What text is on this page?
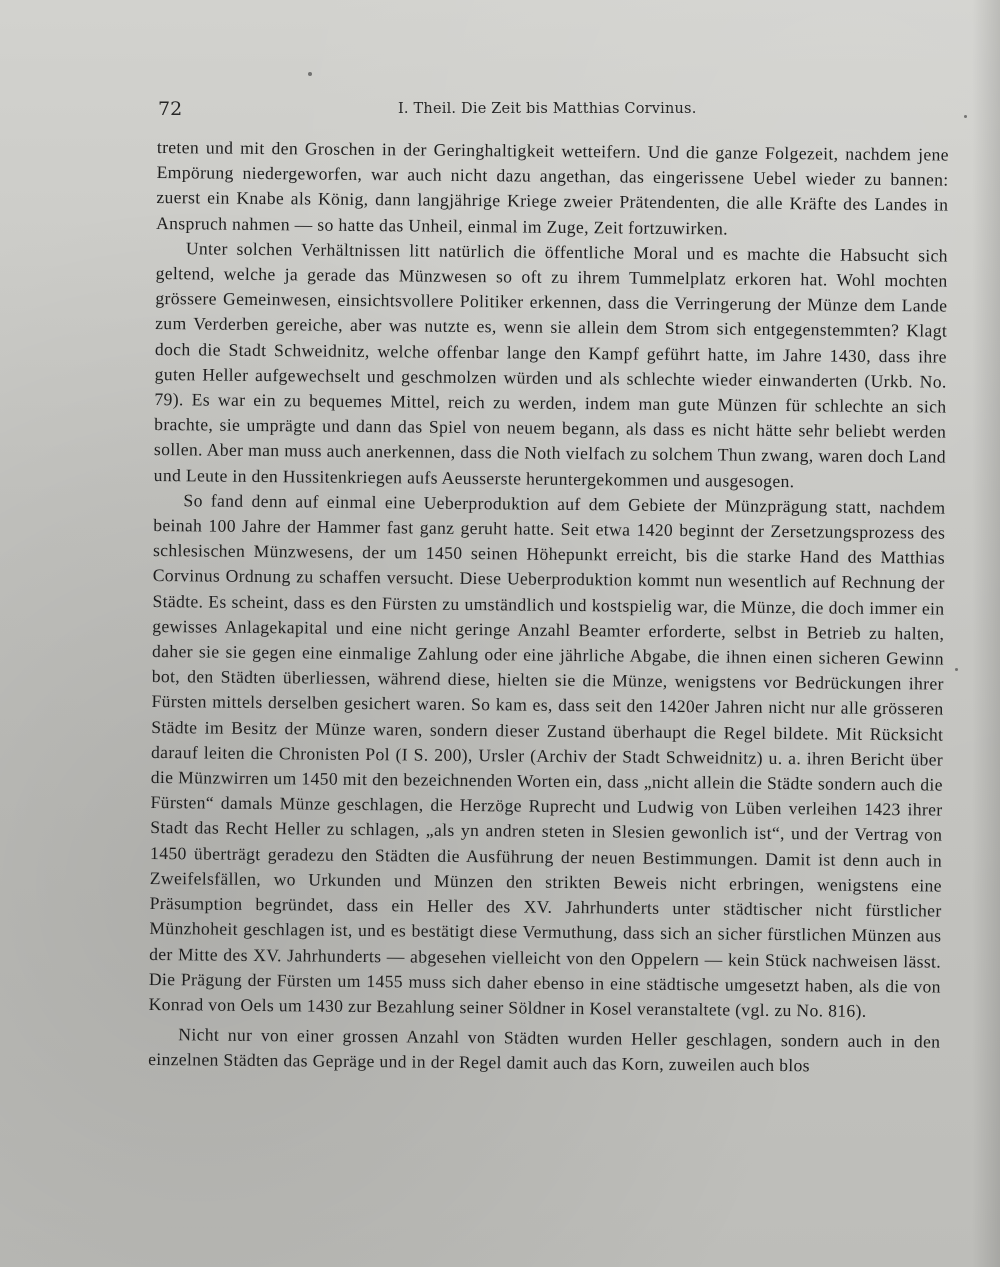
72	I. Theil. Die Zeit bis Matthias Corvinus.

treten und mit den Groschen in der Geringhaltigkeit wetteifern. Und die ganze Folgezeit, nachdem jene Empörung niedergeworfen, war auch nicht dazu angethan, das eingerissene Uebel wieder zu bannen: zuerst ein Knabe als König, dann langjährige Kriege zweier Prätendenten, die alle Kräfte des Landes in Anspruch nahmen — so hatte das Unheil, einmal im Zuge, Zeit fortzuwirken.

Unter solchen Verhältnissen litt natürlich die öffentliche Moral und es machte die Habsucht sich geltend, welche ja gerade das Münzwesen so oft zu ihrem Tummelplatz erkoren hat. Wohl mochten grössere Gemeinwesen, einsichtsvollere Politiker erkennen, dass die Verringerung der Münze dem Lande zum Verderben gereiche, aber was nutzte es, wenn sie allein dem Strom sich entgegenstemmten? Klagt doch die Stadt Schweidnitz, welche offenbar lange den Kampf geführt hatte, im Jahre 1430, dass ihre guten Heller aufgewechselt und geschmolzen würden und als schlechte wieder einwanderten (Urkb. No. 79). Es war ein zu bequemes Mittel, reich zu werden, indem man gute Münzen für schlechte an sich brachte, sie umprägte und dann das Spiel von neuem begann, als dass es nicht hätte sehr beliebt werden sollen. Aber man muss auch anerkennen, dass die Noth vielfach zu solchem Thun zwang, waren doch Land und Leute in den Hussitenkriegen aufs Aeusserste heruntergekommen und ausgesogen.

So fand denn auf einmal eine Ueberproduktion auf dem Gebiete der Münzprägung statt, nachdem beinah 100 Jahre der Hammer fast ganz geruht hatte. Seit etwa 1420 beginnt der Zersetzungsprozess des schlesischen Münzwesens, der um 1450 seinen Höhepunkt erreicht, bis die starke Hand des Matthias Corvinus Ordnung zu schaffen versucht. Diese Ueberproduktion kommt nun wesentlich auf Rechnung der Städte. Es scheint, dass es den Fürsten zu umständlich und kostspielig war, die Münze, die doch immer ein gewisses Anlagekapital und eine nicht geringe Anzahl Beamter erforderte, selbst in Betrieb zu halten, daher sie sie gegen eine einmalige Zahlung oder eine jährliche Abgabe, die ihnen einen sicheren Gewinn bot, den Städten überliessen, während diese, hielten sie die Münze, wenigstens vor Bedrückungen ihrer Fürsten mittels derselben gesichert waren. So kam es, dass seit den 1420er Jahren nicht nur alle grösseren Städte im Besitz der Münze waren, sondern dieser Zustand überhaupt die Regel bildete. Mit Rücksicht darauf leiten die Chronisten Pol (I S. 200), Ursler (Archiv der Stadt Schweidnitz) u. a. ihren Bericht über die Münzwirren um 1450 mit den bezeichnenden Worten ein, dass „nicht allein die Städte sondern auch die Fürsten“ damals Münze geschlagen, die Herzöge Ruprecht und Ludwig von Lüben verleihen 1423 ihrer Stadt das Recht Heller zu schlagen, „als yn andren steten in Slesien gewonlich ist“, und der Vertrag von 1450 überträgt geradezu den Städten die Ausführung der neuen Bestimmungen. Damit ist denn auch in Zweifelsfällen, wo Urkunden und Münzen den strikten Beweis nicht erbringen, wenigstens eine Präsumption begründet, dass ein Heller des XV. Jahrhunderts unter städtischer nicht fürstlicher Münzhoheit geschlagen ist, und es bestätigt diese Vermuthung, dass sich an sicher fürstlichen Münzen aus der Mitte des XV. Jahrhunderts — abgesehen vielleicht von den Oppelern — kein Stück nachweisen lässt. Die Prägung der Fürsten um 1455 muss sich daher ebenso in eine städtische umgesetzt haben, als die von Konrad von Oels um 1430 zur Bezahlung seiner Söldner in Kosel veranstaltete (vgl. zu No. 816).

Nicht nur von einer grossen Anzahl von Städten wurden Heller geschlagen, sondern auch in den einzelnen Städten das Gepräge und in der Regel damit auch das Korn, zuweilen auch blos
